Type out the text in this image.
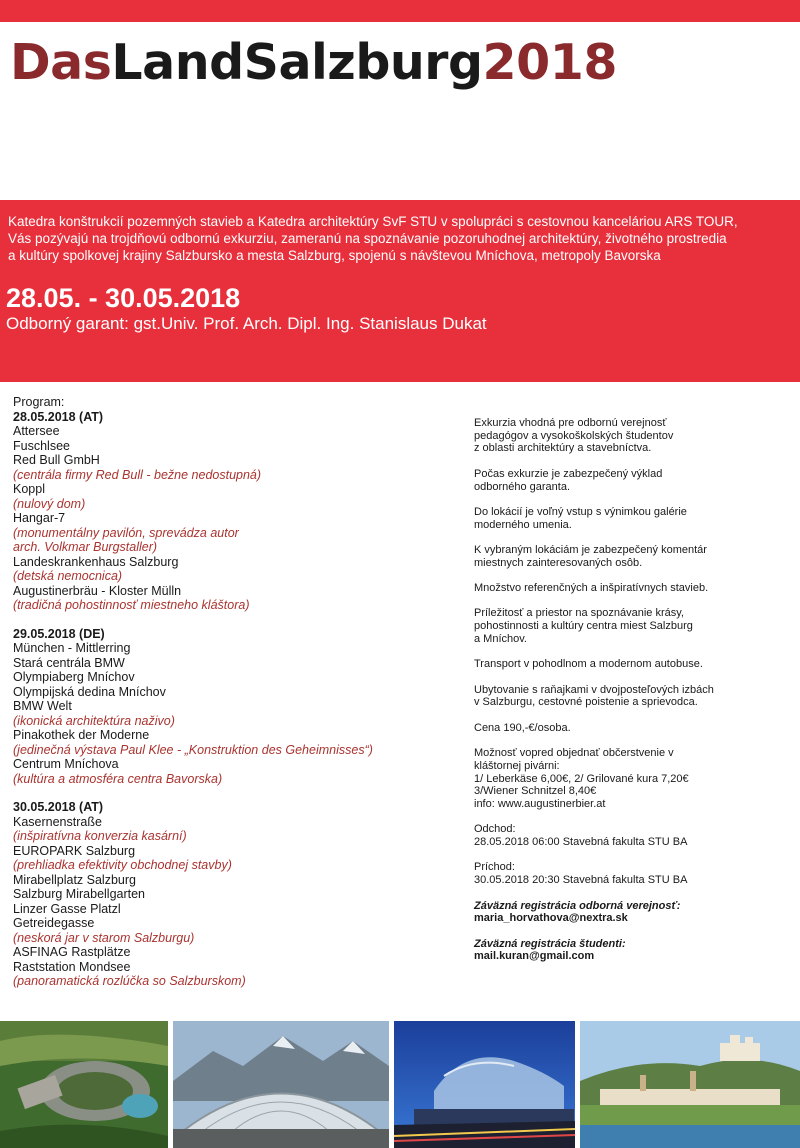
DasLandSalzburg2018
Katedra konštrukcií pozemných stavieb a Katedra architektúry SvF STU v spolupráci s cestovnou kanceláriou ARS TOUR,
Vás pozývajú na trojdňovú odbornú exkurziu, zameranú na spoznávanie pozoruhodnej architektúry, životného prostredia
a kultúry spolkovej krajiny Salzbursko a mesta Salzburg, spojenú s návštevou Mníchova, metropoly Bavorska
28.05. - 30.05.2018
Odborný garant: gst.Univ. Prof. Arch. Dipl. Ing. Stanislaus Dukat
Program:
28.05.2018 (AT)
Attersee
Fuschlsee
Red Bull GmbH
(centrála firmy Red Bull - bežne nedostupná)
Koppl
(nulový dom)
Hangar-7
(monumentálny pavilón, sprevádza autor
arch. Volkmar Burgstaller)
Landeskrankenhaus Salzburg
(detská nemocnica)
Augustinerbräu - Kloster Mülln
(tradičná pohostinnosť miestneho kláštora)
29.05.2018 (DE)
München - Mittlerring
Stará centrála BMW
Olympiaberg Mníchov
Olympijská dedina Mníchov
BMW Welt
(ikonická architektúra naživo)
Pinakothek der Moderne
(jedinečná výstava Paul Klee - „Konstruktion des Geheimnisses“)
Centrum Mníchova
(kultúra a atmosféra centra Bavorska)
30.05.2018 (AT)
Kasernenstraße
(inšpiratívna konverzia kasární)
EUROPARK Salzburg
(prehliadka efektivity obchodnej stavby)
Mirabellplatz Salzburg
Salzburg Mirabellgarten
Linzer Gasse Platzl
Getreidegasse
(neskorá jar v starom Salzburgu)
ASFINAG Rastplätze
Raststation Mondsee
(panoramatická rozlúčka so Salzburskom)
Exkurzia vhodná pre odbornú verejnosť
pedagógov a vysokoškolských študentov
z oblasti architektúry a stavebníctva.
Počas exkurzie je zabezpečený výklad
odborného garanta.
Do lokácií je voľný vstup s výnimkou galérie
moderného umenia.
K vybraným lokáciám je zabezpečený komentár
miestnych zainteresovaných osôb.
Množstvo referenčných a inšpiratívnych stavieb.
Príležitosť a priestor na spoznávanie krásy,
pohostinnosti a kultúry centra miest Salzburg
a Mníchov.
Transport v pohodlnom a modernom autobuse.
Ubytovanie s raňajkami v dvojposteľových izbách
v Salzburgu, cestovné poistenie a sprievodca.
Cena 190,-€/osoba.
Možnosť vopred objednať občerstvenie v
kláštornej pivárni:
1/ Leberkäse 6,00€, 2/ Grilované kura 7,20€
3/Wiener Schnitzel 8,40€
info: www.augustinerbier.at
Odchod:
28.05.2018 06:00 Stavebná fakulta STU BA
Príchod:
30.05.2018 20:30 Stavebná fakulta STU BA
Záväzná registrácia odborná verejnosť:
maria_horvathova@nextra.sk
Záväzná registrácia študenti:
mail.kuran@gmail.com
